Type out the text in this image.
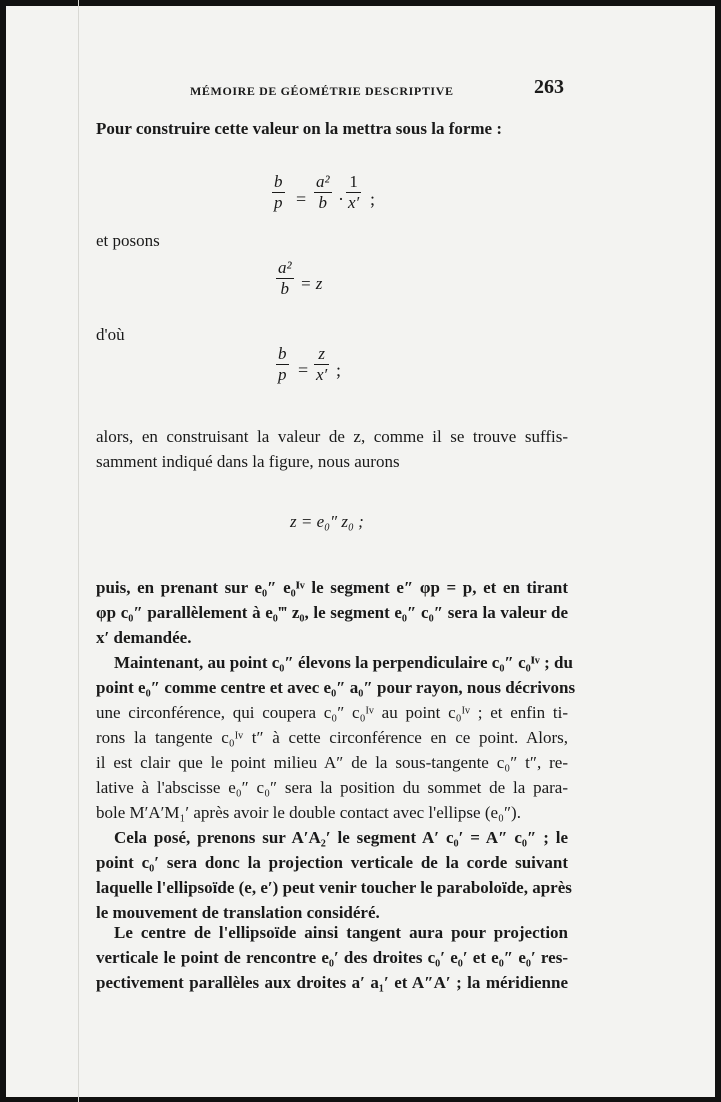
MÉMOIRE DE GÉOMÉTRIE DESCRIPTIVE	263
Pour construire cette valeur on la mettra sous la forme :
b
p =
a²
b ·
1
x′ ;
et posons
a²
b = z
d'où
b
p =
z
x′ ;
alors, en construisant la valeur de z, comme il se trouve suffis-
samment indiqué dans la figure, nous aurons
z = e₀″ z₀ ;
puis, en prenant sur e₀″ e₀ᴵᵛ le segment e″ φp = p, et en tirant
φp c₀″ parallèlement à e₀‴ z₀, le segment e₀″ c₀″ sera la valeur de
x′ demandée.
Maintenant, au point c₀″ élevons la perpendiculaire c₀″ c₀ᴵᵛ ; du
point e₀″ comme centre et avec e₀″ a₀″ pour rayon, nous décrivons
une circonférence, qui coupera c₀″ c₀ᴵᵛ au point c₀ᴵᵛ ; et enfin ti-
rons la tangente c₀ᴵᵛ t″ à cette circonférence en ce point. Alors,
il est clair que le point milieu A″ de la sous-tangente c₀″ t″, re-
lative à l'abscisse e₀″ c₀″ sera la position du sommet de la para-
bole M′A′M₁′ après avoir le double contact avec l'ellipse (e₀″).
Cela posé, prenons sur A′A₂′ le segment A′ c₀′ = A″ c₀″ ; le
point c₀′ sera donc la projection verticale de la corde suivant
laquelle l'ellipsoïde (e, e′) peut venir toucher le paraboloïde, après
le mouvement de translation considéré.
Le centre de l'ellipsoïde ainsi tangent aura pour projection
verticale le point de rencontre e₀′ des droites c₀′ e₀′ et e₀″ e₀′ res-
pectivement parallèles aux droites a′ a₁′ et A″A′ ; la méridienne
